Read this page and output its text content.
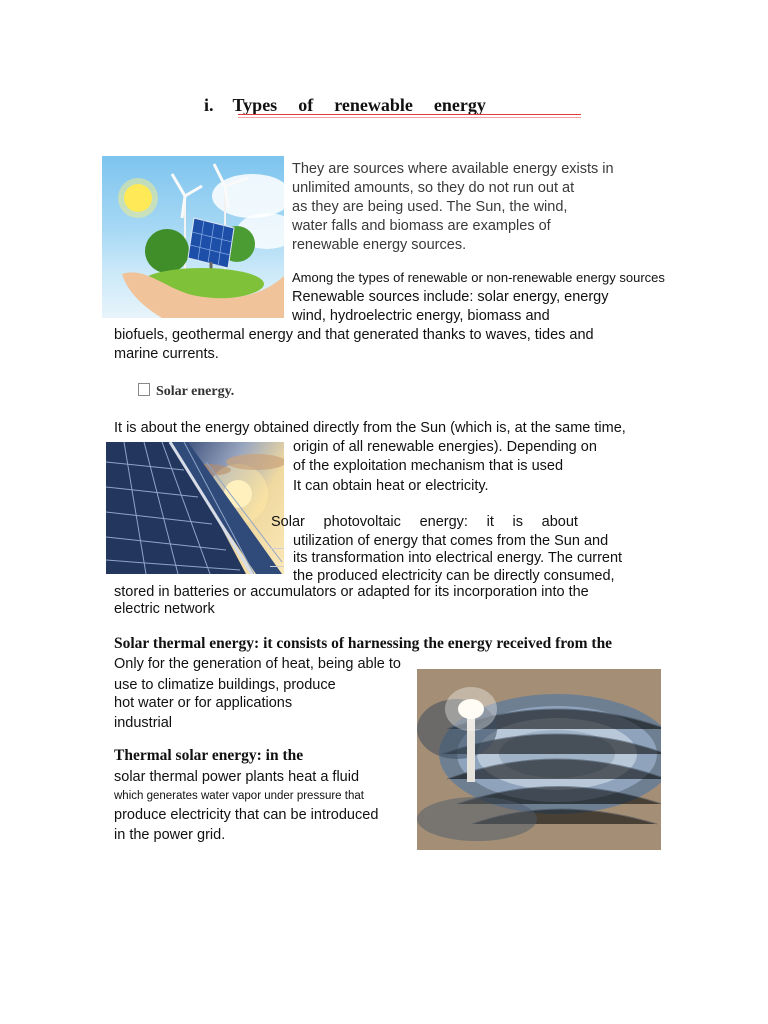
i. Types of renewable energy
They are sources where available energy exists in
unlimited amounts, so they do not run out at
as they are being used. The Sun, the wind,
water falls and biomass are examples of
renewable energy sources.
Among the types of renewable or non-renewable energy sources
Renewable sources include: solar energy, energy
wind, hydroelectric energy, biomass and
biofuels, geothermal energy and that generated thanks to waves, tides and
marine currents.
Solar energy.
It is about the energy obtained directly from the Sun (which is, at the same time,
origin of all renewable energies). Depending on
of the exploitation mechanism that is used
It can obtain heat or electricity.
Solar photovoltaic energy: it is about
utilization of energy that comes from the Sun and
its transformation into electrical energy. The current
the produced electricity can be directly consumed,
stored in batteries or accumulators or adapted for its incorporation into the
electric network
Solar thermal energy: it consists of harnessing the energy received from the
Only for the generation of heat, being able to
use to climatize buildings, produce
hot water or for applications
industrial
Thermal solar energy: in the
solar thermal power plants heat a fluid
which generates water vapor under pressure that
produce electricity that can be introduced
in the power grid.
